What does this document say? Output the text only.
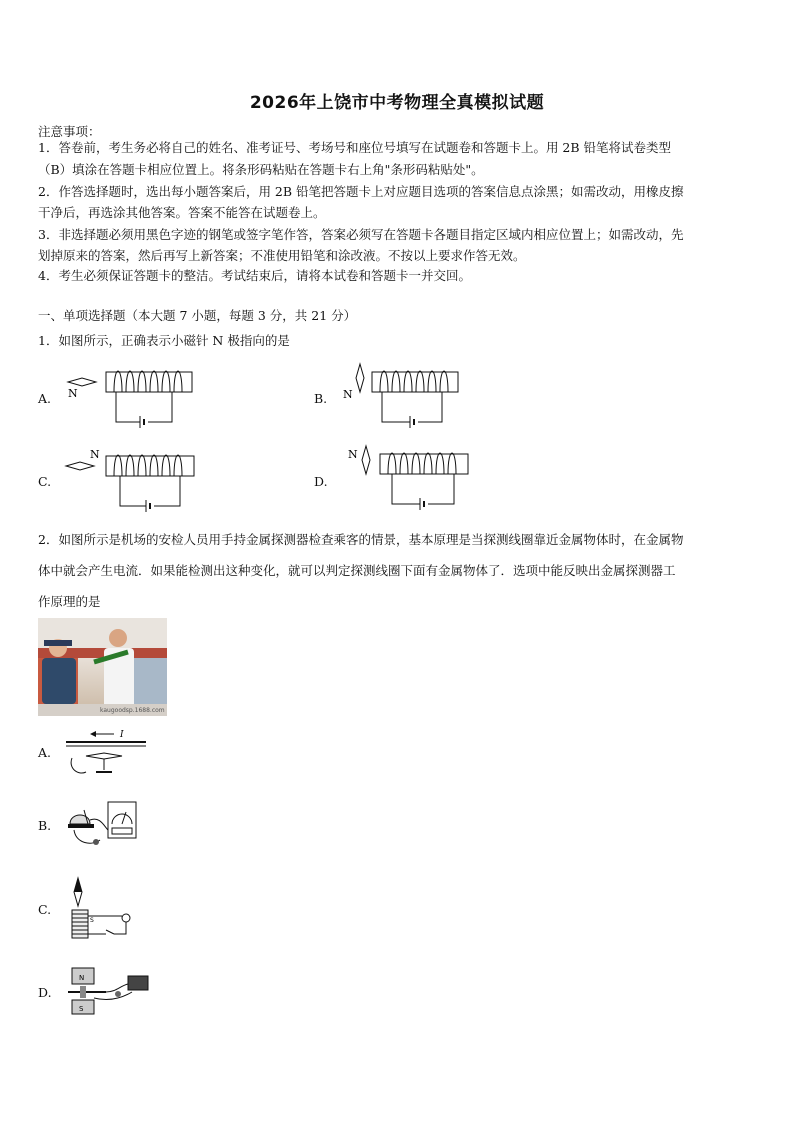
2026年上饶市中考物理全真模拟试题
注意事项：
1．答卷前，考生务必将自己的姓名、准考证号、考场号和座位号填写在试题卷和答题卡上。用 2B 铅笔将试卷类型
（B）填涂在答题卡相应位置上。将条形码粘贴在答题卡右上角"条形码粘贴处"。
2．作答选择题时，选出每小题答案后，用 2B 铅笔把答题卡上对应题目选项的答案信息点涂黑；如需改动，用橡皮擦
干净后，再选涂其他答案。答案不能答在试题卷上。
3．非选择题必须用黑色字迹的钢笔或签字笔作答，答案必须写在答题卡各题目指定区域内相应位置上；如需改动，先
划掉原来的答案，然后再写上新答案；不准使用铅笔和涂改液。不按以上要求作答无效。
4．考生必须保证答题卡的整洁。考试结束后，请将本试卷和答题卡一并交回。
一、单项选择题（本大题 7 小题，每题 3 分，共 21 分）
1．如图所示，正确表示小磁针 N 极指向的是
A. N	B. N
C.
N
D.
N
2．如图所示是机场的安检人员用手持金属探测器检查乘客的情景，基本原理是当探测线圈靠近金属物体时，在金属物
体中就会产生电流．如果能检测出这种变化，就可以判定探测线圈下面有金属物体了．选项中能反映出金属探测器工
作原理的是
kaugoodsp.1688.com
A.
I
B.
C.
S
D.
N
S
